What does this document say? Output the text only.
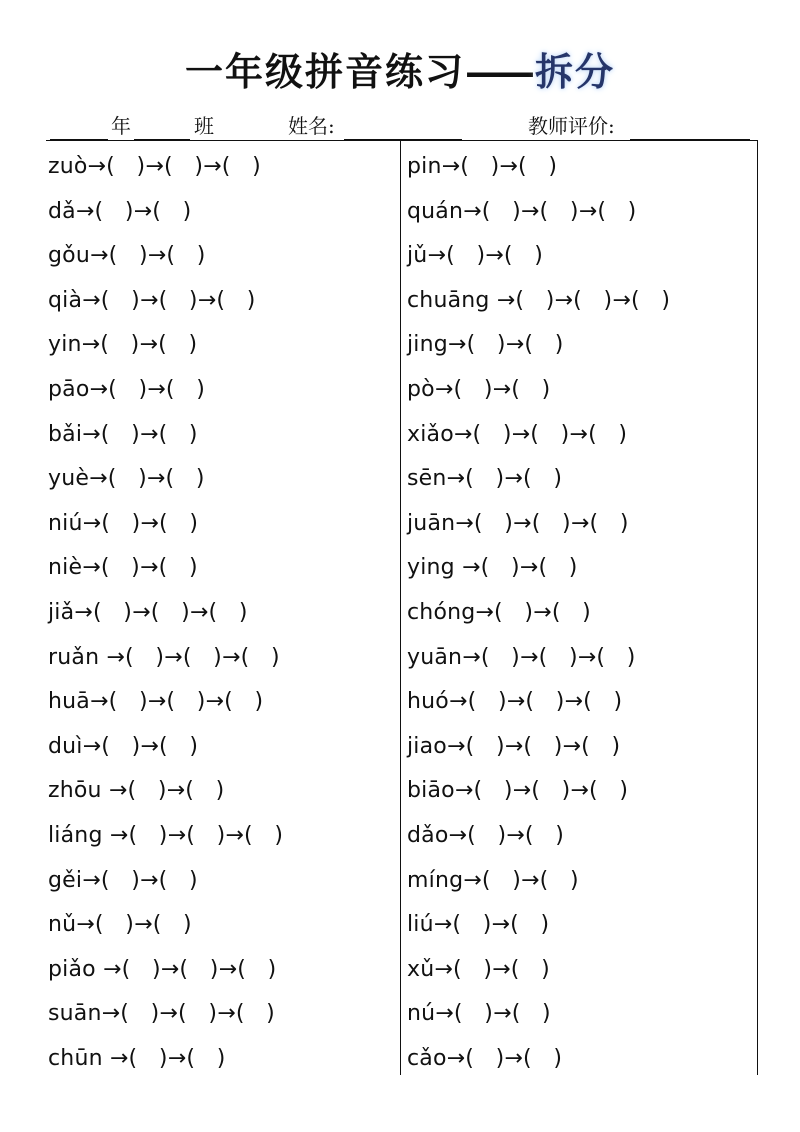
一年级拼音练习—— 拆分
年	班	姓名:	教师评价:
zuò→(   )→(   )→(   )
dǎ→(   )→(   )
gǒu→(   )→(   )
qià→(   )→(   )→(   )
yin→(   )→(   )
pāo→(   )→(   )
bǎi→(   )→(   )
yuè→(   )→(   )
niú→(   )→(   )
niè→(   )→(   )
jiǎ→(   )→(   )→(   )
ruǎn →(   )→(   )→(   )
huā→(   )→(   )→(   )
duì→(   )→(   )
zhōu →(   )→(   )
liáng →(   )→(   )→(   )
gěi→(   )→(   )
nǔ→(   )→(   )
piǎo →(   )→(   )→(   )
suān→(   )→(   )→(   )
chūn →(   )→(   )
pin→(   )→(   )
quán→(   )→(   )→(   )
jǔ→(   )→(   )
chuāng →(   )→(   )→(   )
jing→(   )→(   )
pò→(   )→(   )
xiǎo→(   )→(   )→(   )
sēn→(   )→(   )
juān→(   )→(   )→(   )
ying →(   )→(   )
chóng→(   )→(   )
yuān→(   )→(   )→(   )
huó→(   )→(   )→(   )
jiao→(   )→(   )→(   )
biāo→(   )→(   )→(   )
dǎo→(   )→(   )
míng→(   )→(   )
liú→(   )→(   )
xǔ→(   )→(   )
nú→(   )→(   )
cǎo→(   )→(   )
